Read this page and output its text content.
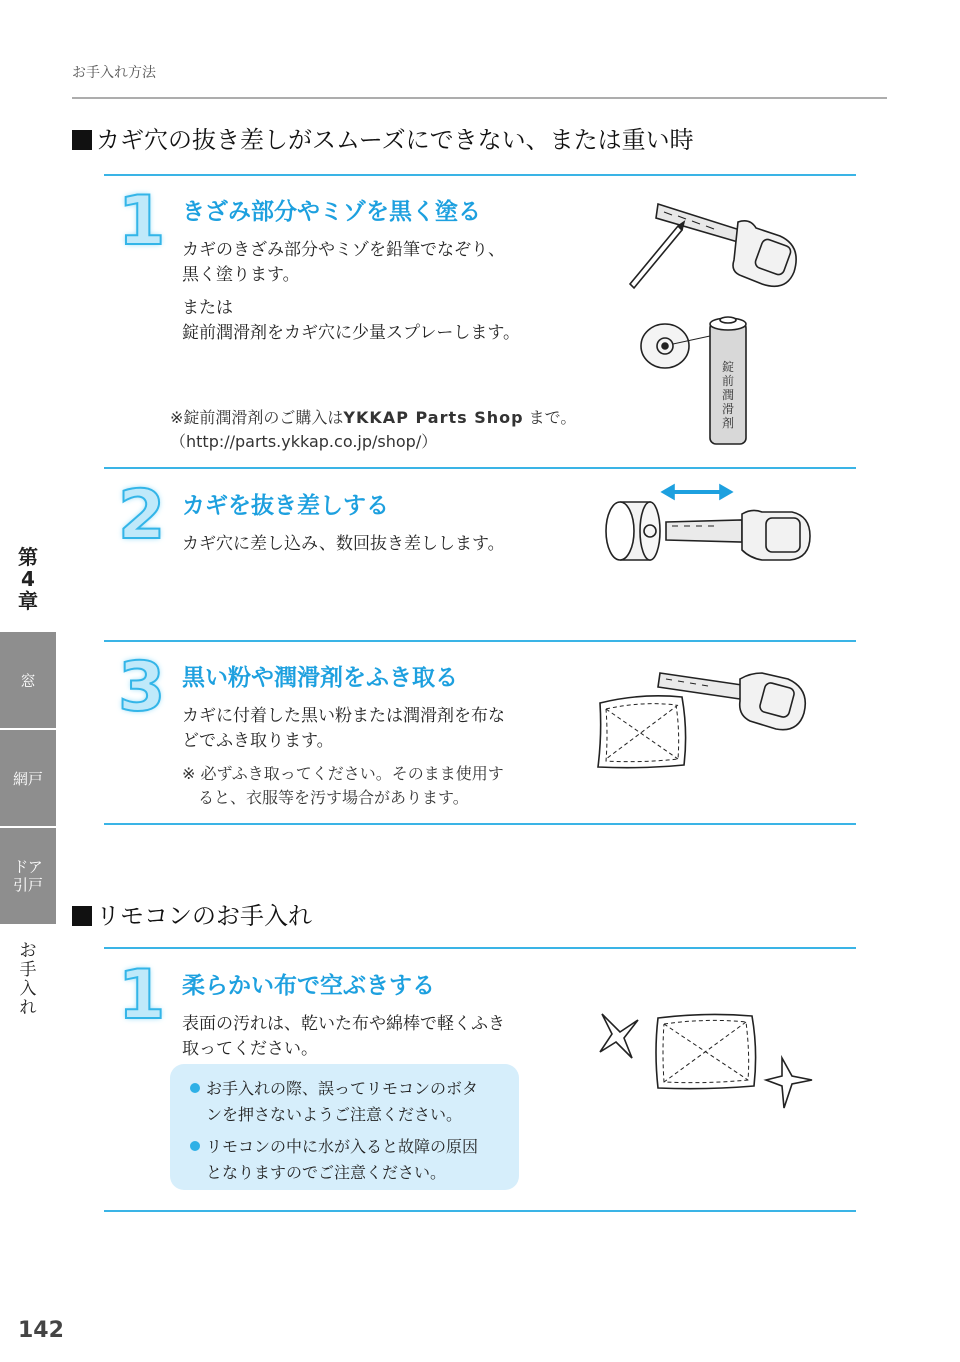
お手入れ方法
カギ穴の抜き差しがスムーズにできない、または重い時
1 きざみ部分やミゾを黒く塗る
カギのきざみ部分やミゾを鉛筆でなぞり、
黒く塗ります。
または
錠前潤滑剤をカギ穴に少量スプレーします。
※錠前潤滑剤のご購入はYKKAP Parts Shop まで。
（http://parts.ykkap.co.jp/shop/）
錠前潤滑剤
2 カギを抜き差しする
カギ穴に差し込み、数回抜き差しします。
3 黒い粉や潤滑剤をふき取る
カギに付着した黒い粉または潤滑剤を布な
どでふき取ります。
※ 必ずふき取ってください。そのまま使用す
　ると、衣服等を汚す場合があります。
リモコンのお手入れ
1 柔らかい布で空ぶきする
表面の汚れは、乾いた布や綿棒で軽くふき
取ってください。
お手入れの際、誤ってリモコンのボタ
ンを押さないようご注意ください。
リモコンの中に水が入ると故障の原因
となりますのでご注意ください。
第
4
章
窓
網戸
ドア
引戸
お
手
入
れ
142
